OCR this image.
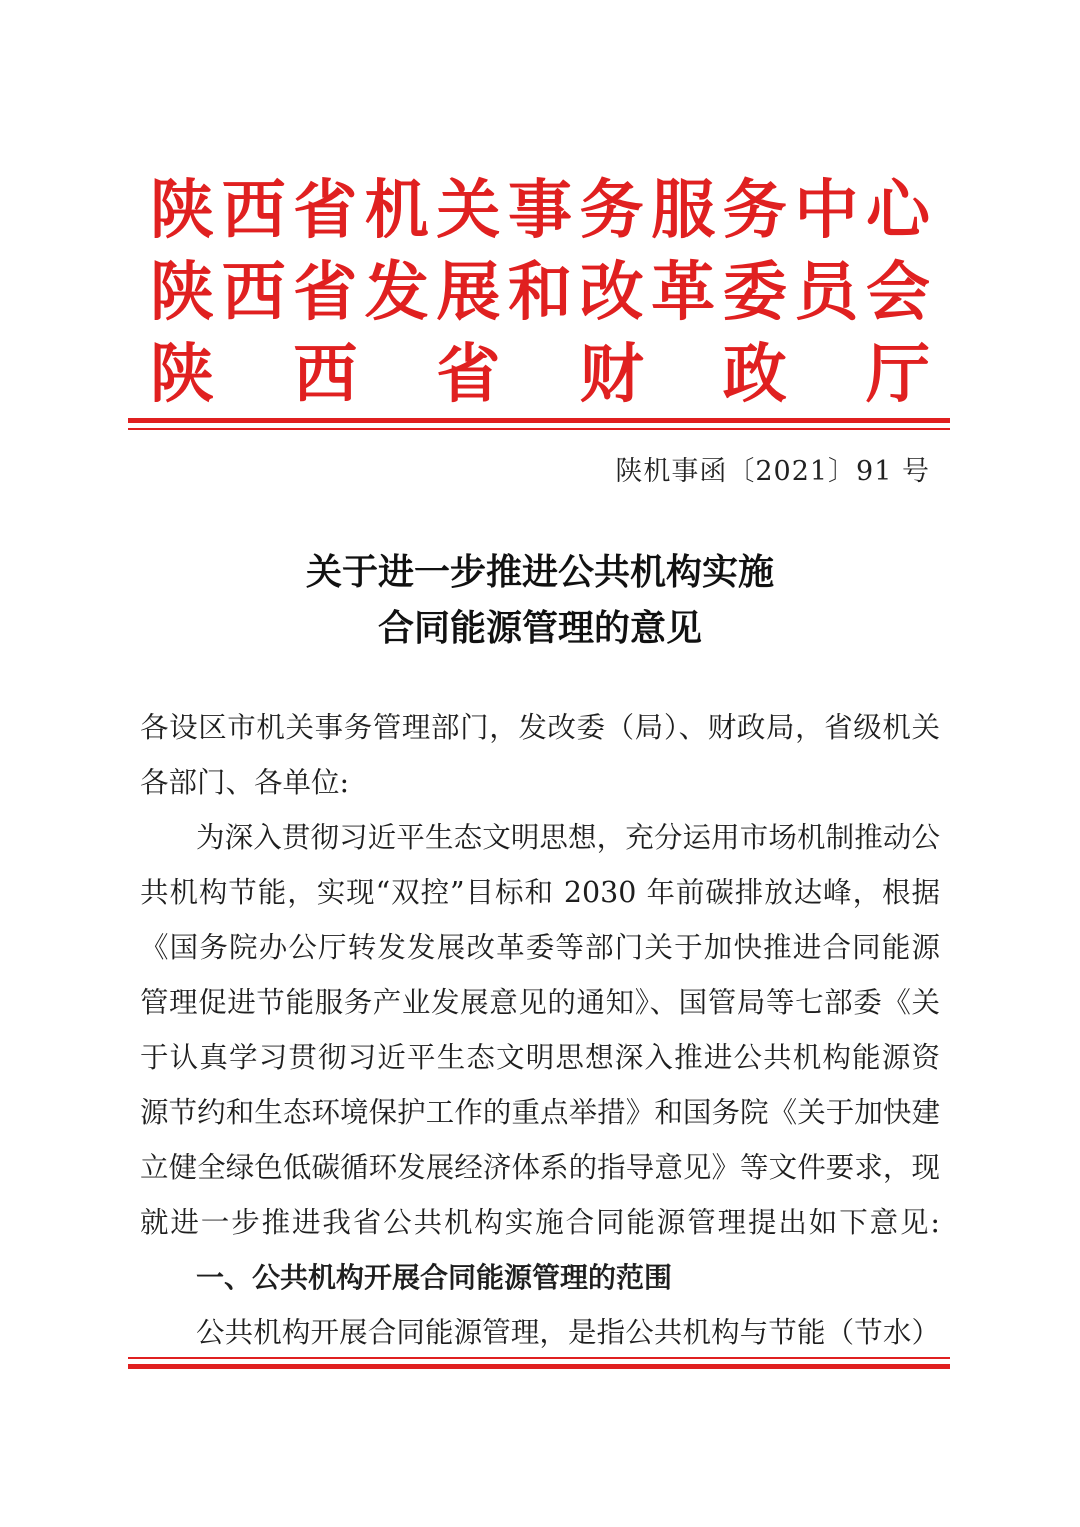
陕 西 省 机 关 事 务 服 务 中 心
陕 西 省 发 展 和 改 革 委 员 会
陕 西 省 财 政 厅
陕机事函〔2021〕91 号
关于进一步推进公共机构实施
合同能源管理的意见
各设区市机关事务管理部门，发改委（局）、财政局，省级机关
各部门、各单位:
为深入贯彻习近平生态文明思想，充分运用市场机制推动公
共机构节能，实现“双控”目标和 2030 年前碳排放达峰，根据
《国务院办公厅转发发展改革委等部门关于加快推进合同能源
管理促进节能服务产业发展意见的通知》、国管局等七部委《关
于认真学习贯彻习近平生态文明思想深入推进公共机构能源资
源节约和生态环境保护工作的重点举措》和国务院《关于加快建
立健全绿色低碳循环发展经济体系的指导意见》等文件要求，现
就进一步推进我省公共机构实施合同能源管理提出如下意见:
一、公共机构开展合同能源管理的范围
公共机构开展合同能源管理，是指公共机构与节能（节水）
